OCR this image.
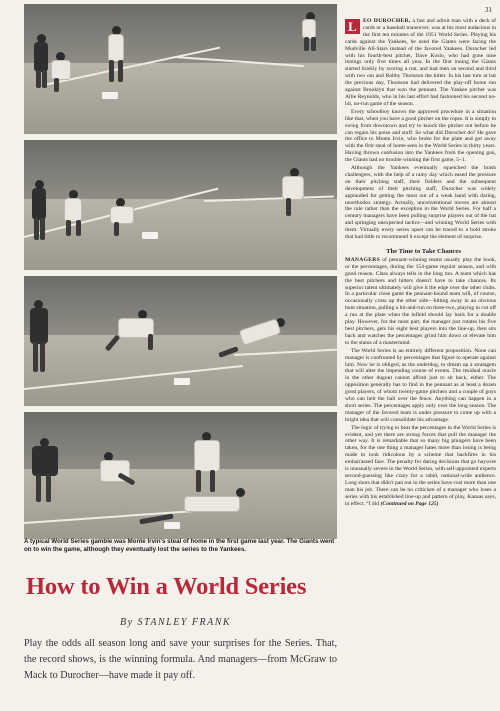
31
A typical World Series gamble was Monte Irvin's steal of home in the first game last year. The Giants went on to win the game, although they eventually lost the series to the Yankees.
How to Win a World Series
By STANLEY FRANK

Play the odds all season long and save your surprises for the Series. That, the record shows, is the winning formula. And managers—from McGraw to Mack to Durocher—have made it pay off.

L	EO DUROCHER, a fast and adroit man with a deck of cards or a baseball maneuver, was at his most audacious in the first ten minutes of the 1951 World Series. Playing his cards against the Yankees, he used the Giants were facing the Mudville All-Stars instead of the favored Yankees. Durocher led with his fourth-best pitcher, Dave Koslo, who had gone nine innings only five times all year. In the first inning the Giants started briskly by scoring a run, and had men on second and third with two out and Bobby Thomson the hitter. In his last turn at bat the previous day, Thomson had delivered the play-off home run against Brooklyn that won the pennant. The Yankee pitcher was Allie Reynolds, who in his last effort had fashioned his second no-hit, no-run game of the season.

Every schoolboy knows the approved procedure in a situation like that, when you have a good pitcher on the ropes. It is simply to swing from downtown and try to knock the pitcher out before he can regain his poise and stuff. So what did Durocher do? He gave the office to Monte Irvin, who broke for the plate and got away with the first steal of home seen in the World Series in thirty years. Having thrown confusion into the Yankees from the opening gun, the Giants had no trouble winning the first game, 5–1.

Although the Yankees eventually squelched the brash challengers, with the help of a rainy day which eased the pressure on their pitching staff, their fielders and the subsequent development of their pitching staff, Durocher was widely applauded for getting the most out of a weak hand with daring, unorthodox strategy. Actually, unconventional moves are almost the rule rather than the exception in the World Series. For half a century managers have been pulling surprise players out of the hat and springing unexpected tactics—and winning World Series with them. Virtually every series upset can be traced to a bold stroke that had little to recommend it except the element of surprise.

The Time to Take Chances

MANAGERS of pennant-winning teams usually play the book, or the percentages, during the 154-game regular season, and with good reason. Class always tells in the long run. A team which has the best pitchers and hitters doesn't have to take chances. Its superior talent ultimately will give it the edge over the other clubs. In a particular close game the pennant-bound team will, of course, occasionally cross up the other side—hitting away in an obvious bunt situation, pulling a hit-and-run on three-two, playing to cut off a run at the plate when the infield should lay back for a double play. However, for the most part, the manager just rotates his five best pitchers, gets his eight best players into the line-up, then sits back and watches the percentages grind him down or elevate him to the status of a mastermind.

The World Series is an entirely different proposition. None can manager is confronted by percentages that figure to operate against him. Now he is obliged, as the underdog, to dream up a stratagem that will alter the impending course of events. The residual oracle in the other dugout cannot afford just to sit back, either. The opposition generally has to find in the pennant as at least a dozen good players, of whom twenty-game pitchers and a couple of guys who can belt the ball over the fence. Anything can happen in a short series. The percentages apply only over the long season. The manager of the favored team is under pressure to come up with a bright idea that will consolidate his advantage.

The logic of trying to beat the percentages in the World Series is evident, and yet there are strong forces that pull the manager the other way. It is remarkable that so many big plungers have been taken, for the one thing a manager hates more than losing is being made to look ridiculous by a scheme that backfires in his embarrassed face. The penalty for daring decisions that go haywire is unusually severe in the World Series, with self-appointed experts second-guessing like crazy for a rabid, national-wide audience. Long shots that didn't pan out in the series have cost more than one man his job. There can be no criticism of a manager who loses a series with his established line-up and pattern of play, Kansas says, in effect, “I did (Continued on Page 125)
